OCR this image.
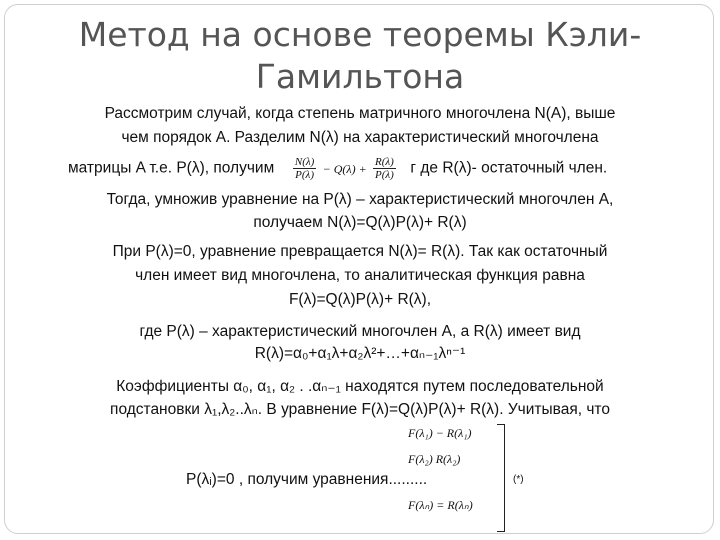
Метод на основе теоремы Кэли-
Гамильтона
Рассмотрим случай, когда степень матричного многочлена N(A), выше
чем порядок A. Разделим N(λ) на характеристический многочлена
матрицы A т.е. P(λ), получим $\frac{N(\lambda)}{P(\lambda)} - Q(\lambda) + \frac{R(\lambda)}{P(\lambda)}$ г де R(λ)- остаточный член.
Тогда, умножив уравнение на P(λ) – характеристический многочлен A,
получаем N(λ)=Q(λ)P(λ)+ R(λ)
При P(λ)=0, уравнение превращается N(λ)= R(λ). Так как остаточный
член имеет вид многочлена, то аналитическая функция равна
F(λ)=Q(λ)P(λ)+ R(λ),
где P(λ) – характеристический многочлен A, а R(λ) имеет вид
R(λ)=α₀+α₁λ+α₂λ²+…+αₙ₋₁λⁿ⁻¹
Коэффициенты α₀, α₁, α₂ . .αₙ₋₁ находятся путем последовательной
подстановки λ₁,λ₂..λₙ. В уравнение F(λ)=Q(λ)P(λ)+ R(λ). Учитывая, что
P(λᵢ)=0 , получим уравнения.........
F(λ₁) − R(λ₁)
F(λ₂) R(λ₂)
F(λₙ) = R(λₙ)
(*)
